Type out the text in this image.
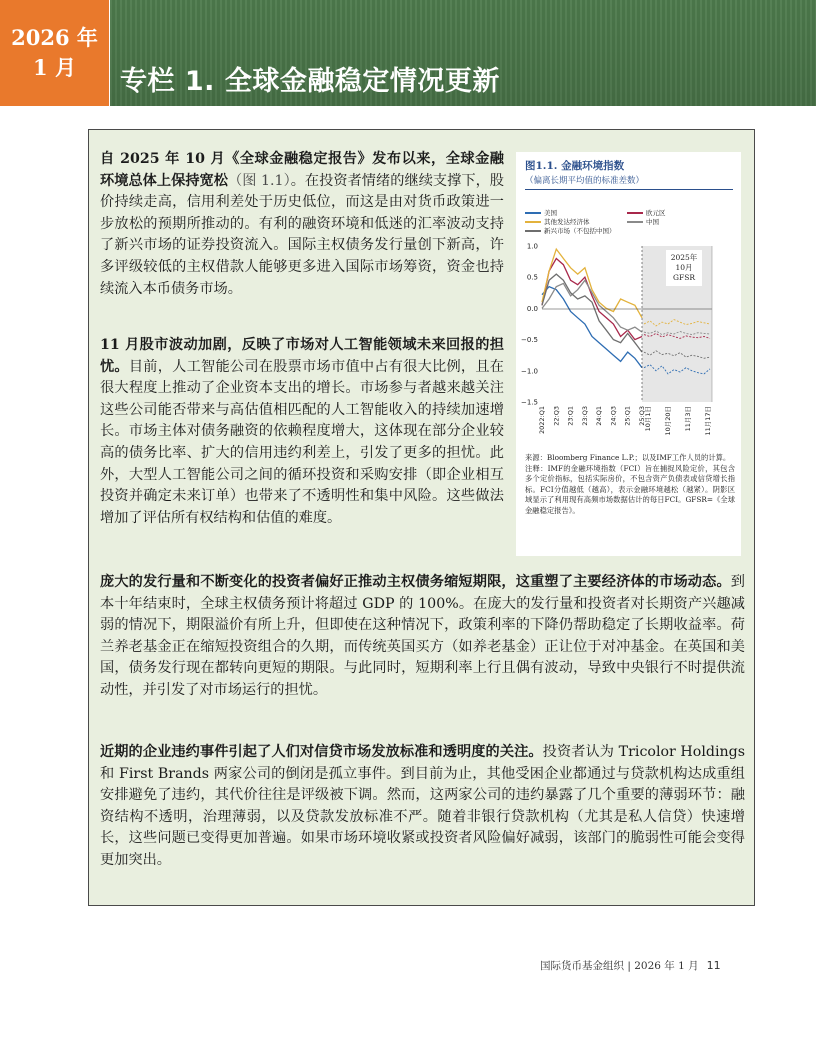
2026 年
1 月 专栏 1. 全球金融稳定情况更新
自 2025 年 10 月《全球金融稳定报告》发布以来，全球金融环境总体上保持宽松（图 1.1）。在投资者情绪的继续支撑下，股价持续走高，信用利差处于历史低位，而这是由对货币政策进一步放松的预期所推动的。有利的融资环境和低迷的汇率波动支持了新兴市场的证券投资流入。国际主权债务发行量创下新高，许多评级较低的主权借款人能够更多进入国际市场筹资，资金也持续流入本币债务市场。
11 月股市波动加剧，反映了市场对人工智能领域未来回报的担忧。目前，人工智能公司在股票市场市值中占有很大比例，且在很大程度上推动了企业资本支出的增长。市场参与者越来越关注这些公司能否带来与高估值相匹配的人工智能收入的持续加速增长。市场主体对债务融资的依赖程度增大，这体现在部分企业较高的债务比率、扩大的信用违约利差上，引发了更多的担忧。此外，大型人工智能公司之间的循环投资和采购安排（即企业相互投资并确定未来订单）也带来了不透明性和集中风险。这些做法增加了评估所有权结构和估值的难度。
庞大的发行量和不断变化的投资者偏好正推动主权债务缩短期限，这重塑了主要经济体的市场动态。到本十年结束时，全球主权债务预计将超过 GDP 的 100%。在庞大的发行量和投资者对长期资产兴趣减弱的情况下，期限溢价有所上升，但即使在这种情况下，政策利率的下降仍帮助稳定了长期收益率。荷兰养老基金正在缩短投资组合的久期，而传统英国买方（如养老基金）正让位于对冲基金。在英国和美国，债务发行现在都转向更短的期限。与此同时，短期利率上行且偶有波动，导致中央银行不时提供流动性，并引发了对市场运行的担忧。
近期的企业违约事件引起了人们对信贷市场发放标准和透明度的关注。投资者认为 Tricolor Holdings 和 First Brands 两家公司的倒闭是孤立事件。到目前为止，其他受困企业都通过与贷款机构达成重组安排避免了违约，其代价往往是评级被下调。然而，这两家公司的违约暴露了几个重要的薄弱环节：融资结构不透明，治理薄弱，以及贷款发放标准不严。随着非银行贷款机构（尤其是私人信贷）快速增长，这些问题已变得更加普遍。如果市场环境收紧或投资者风险偏好减弱，该部门的脆弱性可能会变得更加突出。
图1.1. 金融环境指数
（偏离长期平均值的标准差数）
美国	欧元区
其他发达经济体	中国
新兴市场（不包括中国）
1.0
0.5
0.0
−0.5
−1.0
−1.5
2022:Q1 22:Q3 23:Q1 23:Q3 24:Q1 24:Q3 25:Q1 25:Q3
10月1日 10月20日 11月3日 11月17日
2025年
10月
GFSR
来源：Bloomberg Finance L.P.；以及IMF工作人员的计算。
注释：IMF的金融环境指数（FCI）旨在捕捉风险定价，其包含多个定价指标，包括实际房价，不包含资产负债表或信贷增长指标。FCI分值越低（越高），表示金融环境越松（越紧）。阴影区域显示了利用现有高频市场数据估计的每日FCI。GFSR=《全球金融稳定报告》。
国际货币基金组织 | 2026 年 1 月 11
